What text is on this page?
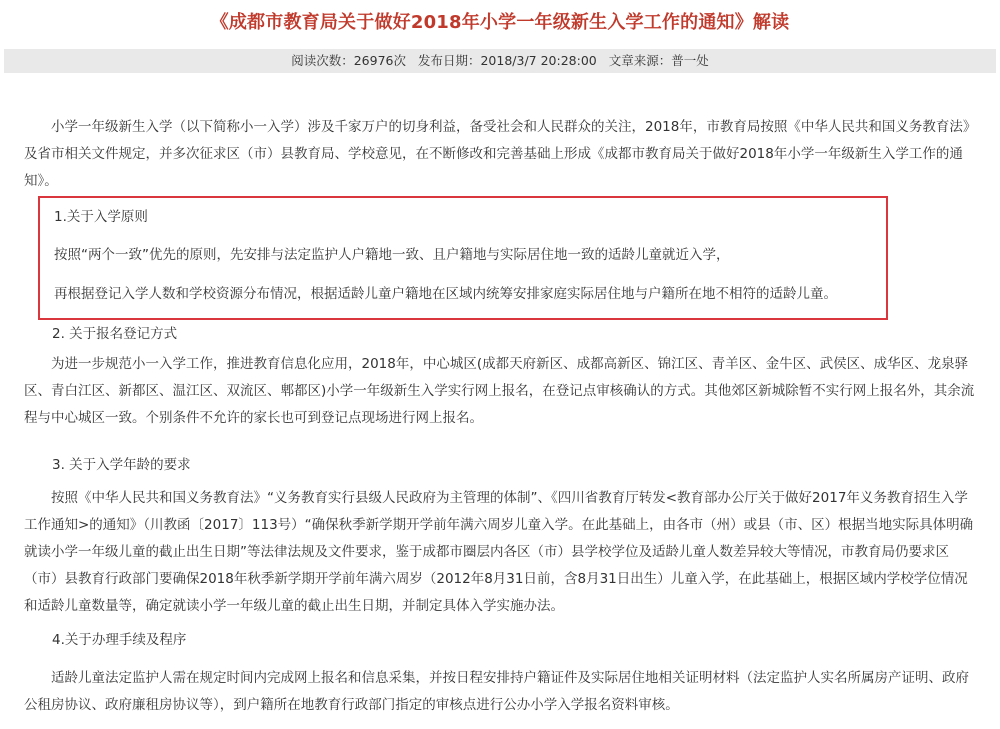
《成都市教育局关于做好2018年小学一年级新生入学工作的通知》解读
阅读次数：26976次 发布日期：2018/3/7 20:28:00 文章来源：普一处
小学一年级新生入学（以下简称小一入学）涉及千家万户的切身利益，备受社会和人民群众的关注，2018年，市教育局按照《中华人民共和国义务教育法》及省市相关文件规定，并多次征求区（市）县教育局、学校意见，在不断修改和完善基础上形成《成都市教育局关于做好2018年小学一年级新生入学工作的通知》。
1.关于入学原则
按照“两个一致”优先的原则，先安排与法定监护人户籍地一致、且户籍地与实际居住地一致的适龄儿童就近入学，
再根据登记入学人数和学校资源分布情况，根据适龄儿童户籍地在区域内统筹安排家庭实际居住地与户籍所在地不相符的适龄儿童。
2. 关于报名登记方式
为进一步规范小一入学工作，推进教育信息化应用，2018年，中心城区(成都天府新区、成都高新区、锦江区、青羊区、金牛区、武侯区、成华区、龙泉驿区、青白江区、新都区、温江区、双流区、郫都区)小学一年级新生入学实行网上报名，在登记点审核确认的方式。其他郊区新城除暂不实行网上报名外，其余流程与中心城区一致。个别条件不允许的家长也可到登记点现场进行网上报名。
3. 关于入学年龄的要求
按照《中华人民共和国义务教育法》“义务教育实行县级人民政府为主管理的体制”、《四川省教育厅转发<教育部办公厅关于做好2017年义务教育招生入学工作通知>的通知》（川教函〔2017〕113号）“确保秋季新学期开学前年满六周岁儿童入学。在此基础上，由各市（州）或县（市、区）根据当地实际具体明确就读小学一年级儿童的截止出生日期”等法律法规及文件要求，鉴于成都市圈层内各区（市）县学校学位及适龄儿童人数差异较大等情况，市教育局仍要求区（市）县教育行政部门要确保2018年秋季新学期开学前年满六周岁（2012年8月31日前，含8月31日出生）儿童入学，在此基础上，根据区域内学校学位情况和适龄儿童数量等，确定就读小学一年级儿童的截止出生日期，并制定具体入学实施办法。
4.关于办理手续及程序
适龄儿童法定监护人需在规定时间内完成网上报名和信息采集，并按日程安排持户籍证件及实际居住地相关证明材料（法定监护人实名所属房产证明、政府公租房协议、政府廉租房协议等），到户籍所在地教育行政部门指定的审核点进行公办小学入学报名资料审核。
